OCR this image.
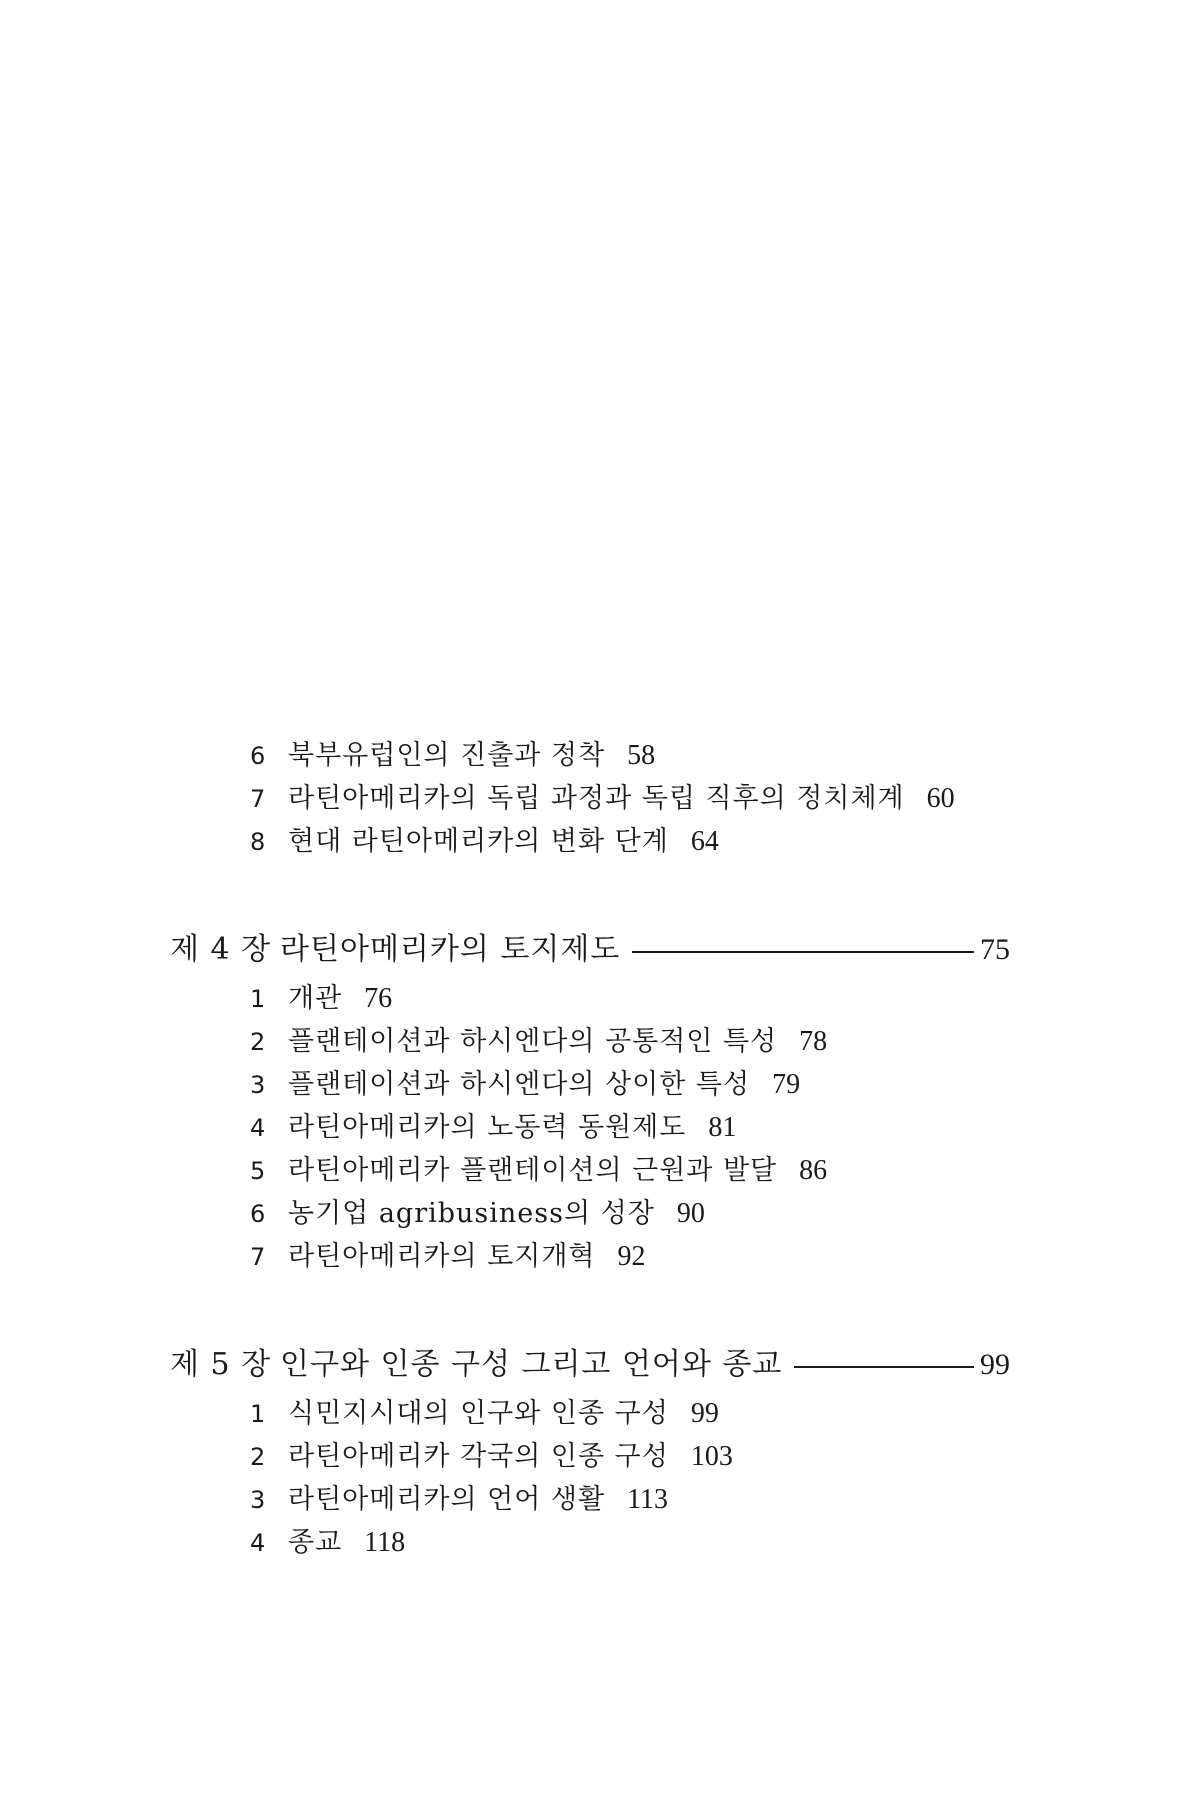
6 북부유럽인의 진출과 정착 58
7 라틴아메리카의 독립 과정과 독립 직후의 정치체계 60
8 현대 라틴아메리카의 변화 단계 64
제 4 장 라틴아메리카의 토지제도	75
1 개관 76
2 플랜테이션과 하시엔다의 공통적인 특성 78
3 플랜테이션과 하시엔다의 상이한 특성 79
4 라틴아메리카의 노동력 동원제도 81
5 라틴아메리카 플랜테이션의 근원과 발달 86
6 농기업 agribusiness의 성장 90
7 라틴아메리카의 토지개혁 92
제 5 장 인구와 인종 구성 그리고 언어와 종교	99
1 식민지시대의 인구와 인종 구성 99
2 라틴아메리카 각국의 인종 구성 103
3 라틴아메리카의 언어 생활 113
4 종교 118
